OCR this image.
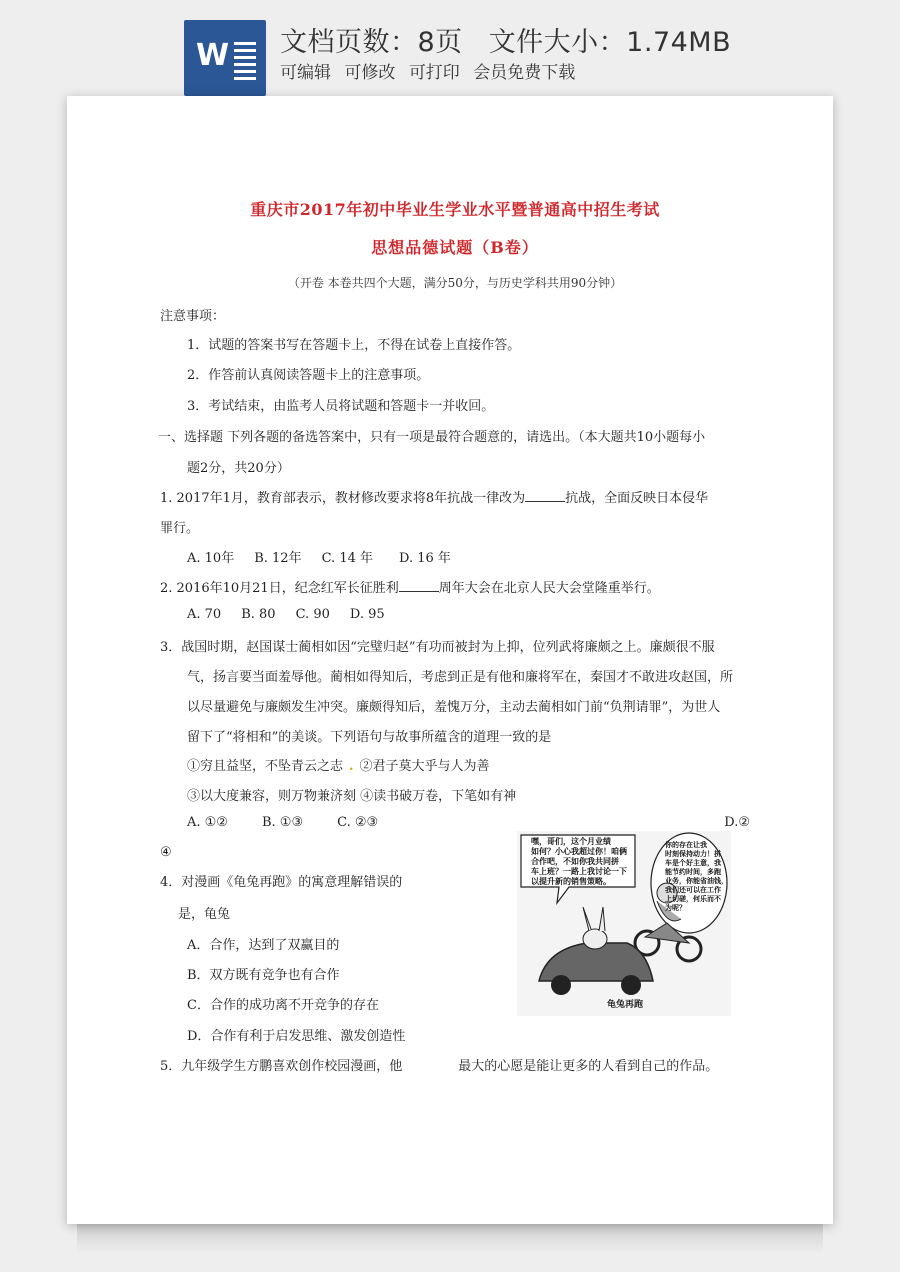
W 文档页数：8页 文件大小：1.74MB
可编辑 可修改 可打印 会员免费下载
重庆市2017年初中毕业生学业水平暨普通高中招生考试
思想品德试题（B卷）
（开卷 本卷共四个大题，满分50分，与历史学科共用90分钟）
注意事项：
1．试题的答案书写在答题卡上，不得在试卷上直接作答。
2．作答前认真阅读答题卡上的注意事项。
3．考试结束，由监考人员将试题和答题卡一并收回。
一、选择题 下列各题的备选答案中，只有一项是最符合题意的，请选出。（本大题共10小题每小
题2分，共20分）
1. 2017年1月，教育部表示，教材修改要求将8年抗战一律改为	抗战，全面反映日本侵华
罪行。
A. 10年 B. 12年 C. 14 年 D. 16 年
2. 2016年10月21日，纪念红军长征胜利	周年大会在北京人民大会堂隆重举行。
A. 70 B. 80 C. 90 D. 95
3．战国时期，赵国谋士蔺相如因“完璧归赵”有功而被封为上抑，位列武将廉颇之上。廉颇很不服
气，扬言要当面羞辱他。蔺相如得知后，考虑到正是有他和廉将军在，秦国才不敢进攻赵国，所
以尽量避免与廉颇发生冲突。廉颇得知后，羞愧万分，主动去蔺相如门前“负荆请罪”，为世人
留下了“将相和”的美谈。下列语句与故事所蕴含的道理一致的是
①穷且益坚，不坠青云之志 . ②君子莫大乎与人为善
③以大度兼容，则万物兼济刻 ④读书破万卷，下笔如有神
A. ①②	B. ①③	C. ②③	D.②
④
4．对漫画《龟兔再跑》的寓意理解错误的
是，龟兔
A．合作，达到了双赢目的
B．双方既有竞争也有合作
C．合作的成功离不开竞争的存在
D．合作有利于启发思维、激发创造性
5．九年级学生方鹏喜欢创作校园漫画，他	最大的心愿是能让更多的人看到自己的作品。
嘿，哥们，这个月业绩
如何？小心我超过你！咱俩
合作吧，不如你我共同拼
车上班？一路上我讨论一下
以提升新的销售策略。
你的存在让我
时刻保持动力！拼
车是个好主意，我
能节约时间，多跑
业务，你能省油钱，
我们还可以在工作
上切磋，何乐而不
为呢？
龟兔再跑
